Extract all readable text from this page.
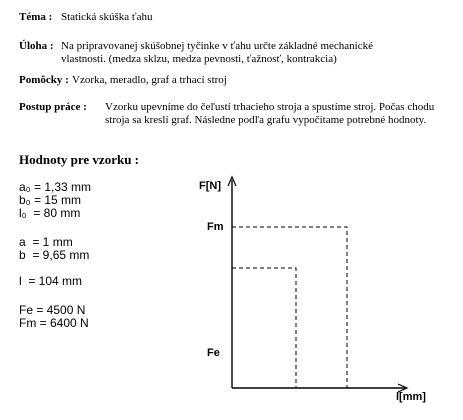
Téma : Statická skúška ťahu
Úloha : Na pripravovanej skúšobnej tyčinke v ťahu určte základné mechanické
vlastnosti. (medza sklzu, medza pevnosti, ťažnosť, kontrakcia)
Pomôcky : Vzorka, meradlo, graf a trhací stroj
Postup práce : Vzorku upevníme do čeľustí trhacieho stroja a spustíme stroj. Počas chodu
stroja sa kreslí graf. Následne podľa grafu vypočítame potrebné hodnoty.
Hodnoty pre vzorku :
a₀ = 1,33 mm
b₀ = 15 mm
l₀  = 80 mm
a  = 1 mm
b  = 9,65 mm
l  = 104 mm
Fe = 4500 N
Fm = 6400 N
F[N]
Fm
Fe
l[mm]
